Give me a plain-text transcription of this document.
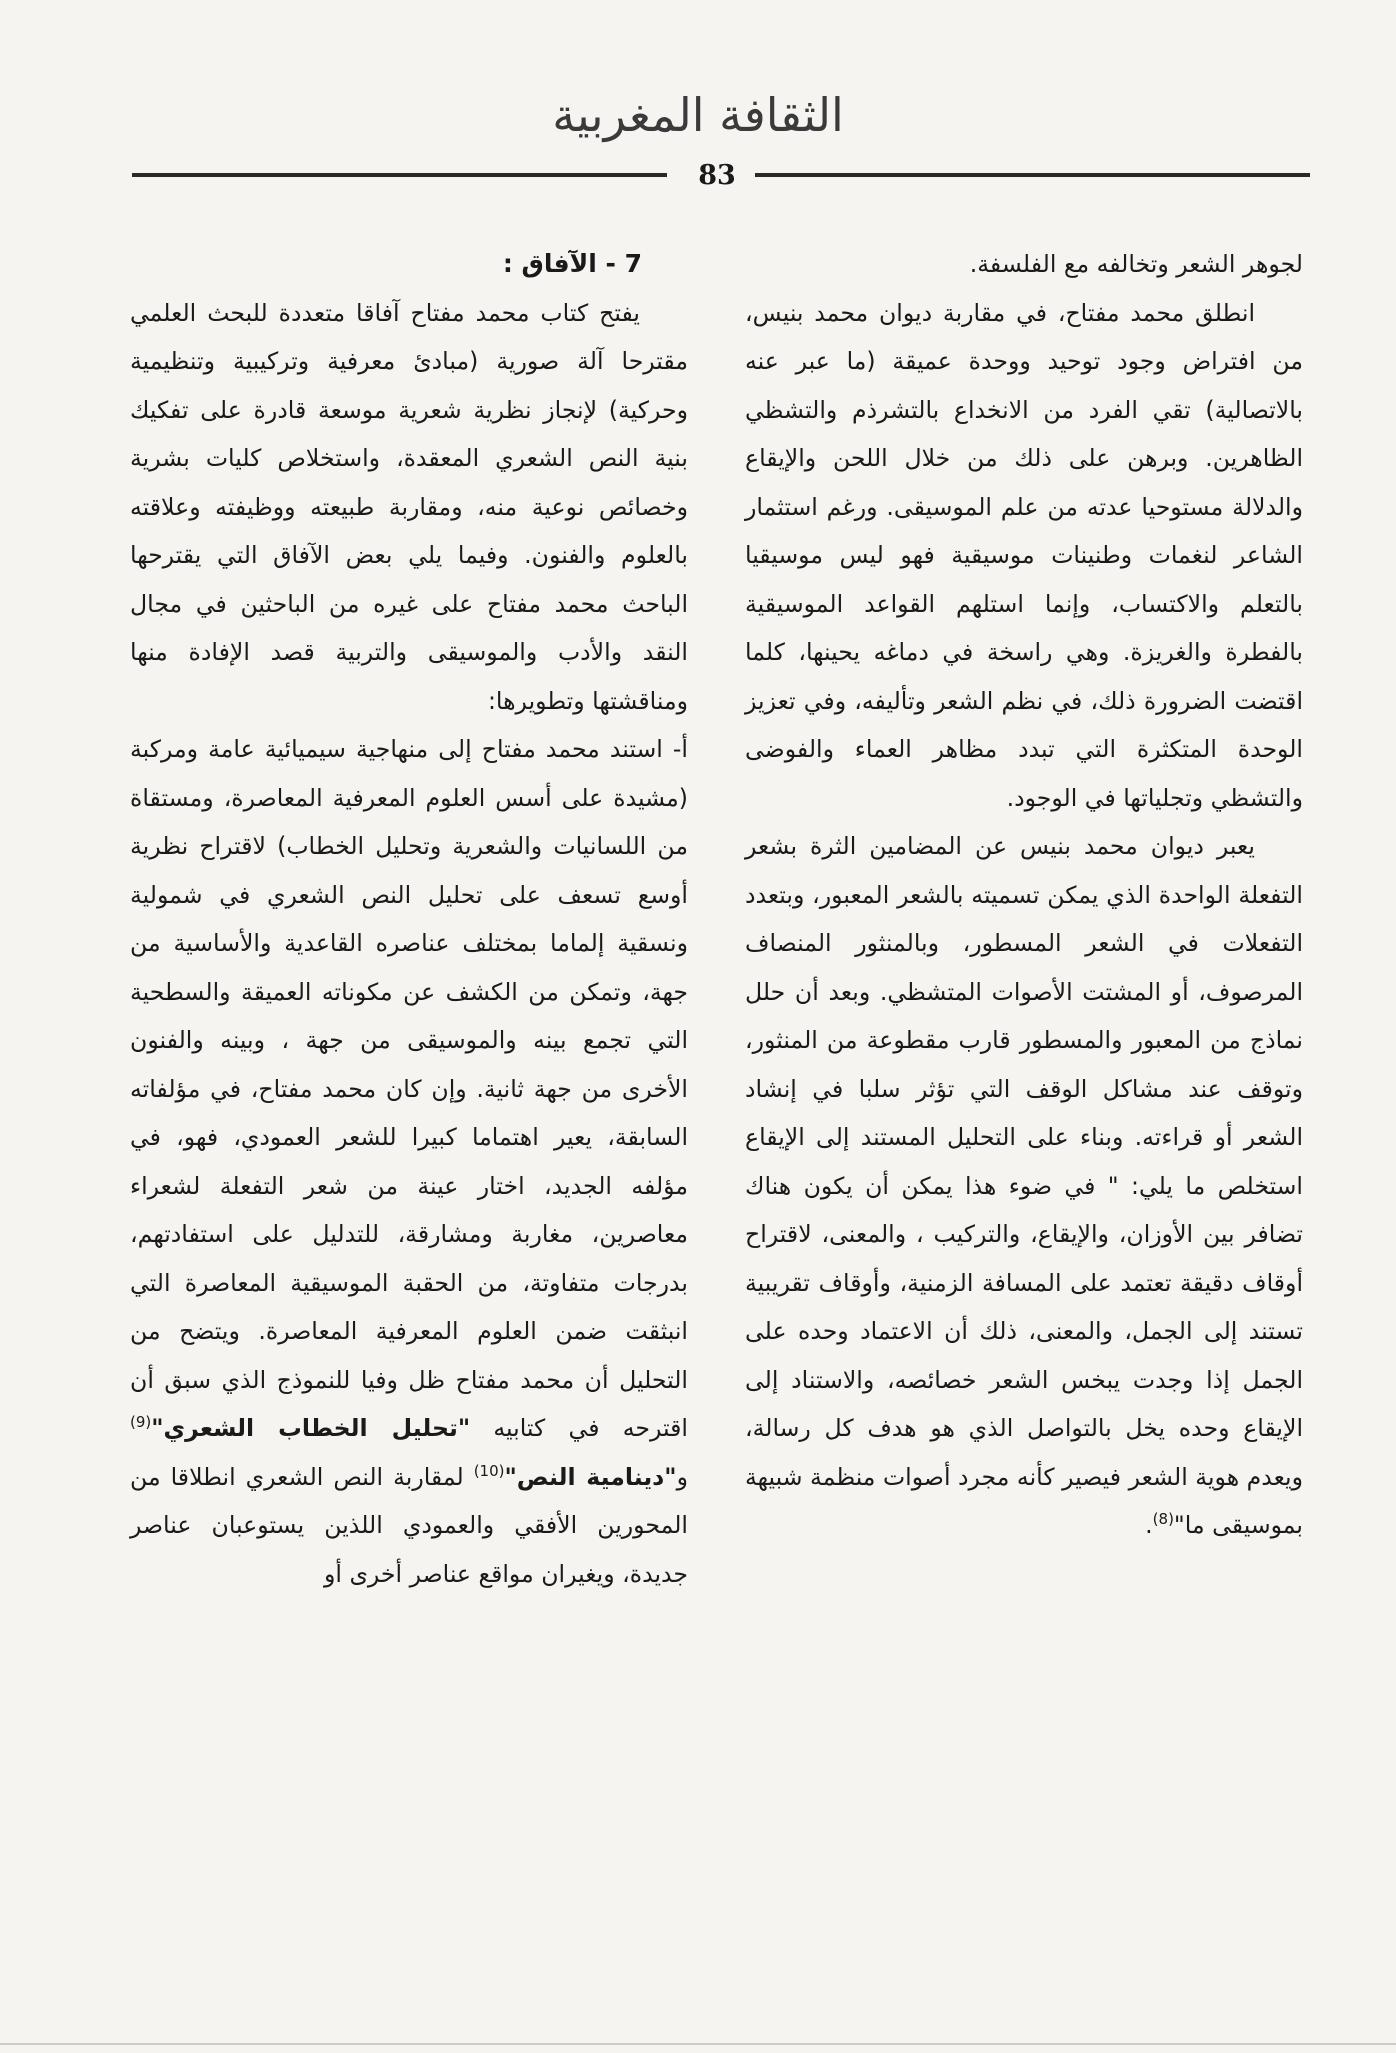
الثقافة المغربية
83

لجوهر الشعر وتخالفه مع الفلسفة.

انطلق محمد مفتاح، في مقاربة ديوان محمد بنيس، من افتراض وجود توحيد ووحدة عميقة (ما عبر عنه بالاتصالية) تقي الفرد من الانخداع بالتشرذم والتشظي الظاهرين. وبرهن على ذلك من خلال اللحن والإيقاع والدلالة مستوحيا عدته من علم الموسيقى. ورغم استثمار الشاعر لنغمات وطنينات موسيقية فهو ليس موسيقيا بالتعلم والاكتساب، وإنما استلهم القواعد الموسيقية بالفطرة والغريزة. وهي راسخة في دماغه يحينها، كلما اقتضت الضرورة ذلك، في نظم الشعر وتأليفه، وفي تعزيز الوحدة المتكثرة التي تبدد مظاهر العماء والفوضى والتشظي وتجلياتها في الوجود.

يعبر ديوان محمد بنيس عن المضامين الثرة بشعر التفعلة الواحدة الذي يمكن تسميته بالشعر المعبور، وبتعدد التفعلات في الشعر المسطور، وبالمنثور المنصاف المرصوف، أو المشتت الأصوات المتشظي. وبعد أن حلل نماذج من المعبور والمسطور قارب مقطوعة من المنثور، وتوقف عند مشاكل الوقف التي تؤثر سلبا في إنشاد الشعر أو قراءته. وبناء على التحليل المستند إلى الإيقاع استخلص ما يلي: " في ضوء هذا يمكن أن يكون هناك تضافر بين الأوزان، والإيقاع، والتركيب ، والمعنى، لاقتراح أوقاف دقيقة تعتمد على المسافة الزمنية، وأوقاف تقريبية تستند إلى الجمل، والمعنى، ذلك أن الاعتماد وحده على الجمل إذا وجدت يبخس الشعر خصائصه، والاستناد إلى الإيقاع وحده يخل بالتواصل الذي هو هدف كل رسالة، ويعدم هوية الشعر فيصير كأنه مجرد أصوات منظمة شبيهة بموسيقى ما"$^{(8)}$.

7 - الآفاق :

يفتح كتاب محمد مفتاح آفاقا متعددة للبحث العلمي مقترحا آلة صورية (مبادئ معرفية وتركيبية وتنظيمية وحركية) لإنجاز نظرية شعرية موسعة قادرة على تفكيك بنية النص الشعري المعقدة، واستخلاص كليات بشرية وخصائص نوعية منه، ومقاربة طبيعته ووظيفته وعلاقته بالعلوم والفنون. وفيما يلي بعض الآفاق التي يقترحها الباحث محمد مفتاح على غيره من الباحثين في مجال النقد والأدب والموسيقى والتربية قصد الإفادة منها ومناقشتها وتطويرها:

أ- استند محمد مفتاح إلى منهاجية سيميائية عامة ومركبة (مشيدة على أسس العلوم المعرفية المعاصرة، ومستقاة من اللسانيات والشعرية وتحليل الخطاب) لاقتراح نظرية أوسع تسعف على تحليل النص الشعري في شمولية ونسقية إلماما بمختلف عناصره القاعدية والأساسية من جهة، وتمكن من الكشف عن مكوناته العميقة والسطحية التي تجمع بينه والموسيقى من جهة ، وبينه والفنون الأخرى من جهة ثانية. وإن كان محمد مفتاح، في مؤلفاته السابقة، يعير اهتماما كبيرا للشعر العمودي، فهو، في مؤلفه الجديد، اختار عينة من شعر التفعلة لشعراء معاصرين، مغاربة ومشارقة، للتدليل على استفادتهم، بدرجات متفاوتة، من الحقبة الموسيقية المعاصرة التي انبثقت ضمن العلوم المعرفية المعاصرة. ويتضح من التحليل أن محمد مفتاح ظل وفيا للنموذج الذي سبق أن اقترحه في كتابيه "تحليل الخطاب الشعري"$^{(9)}$ و"دينامية النص"$^{(10)}$ لمقاربة النص الشعري انطلاقا من المحورين الأفقي والعمودي اللذين يستوعبان عناصر جديدة، ويغيران مواقع عناصر أخرى أو
